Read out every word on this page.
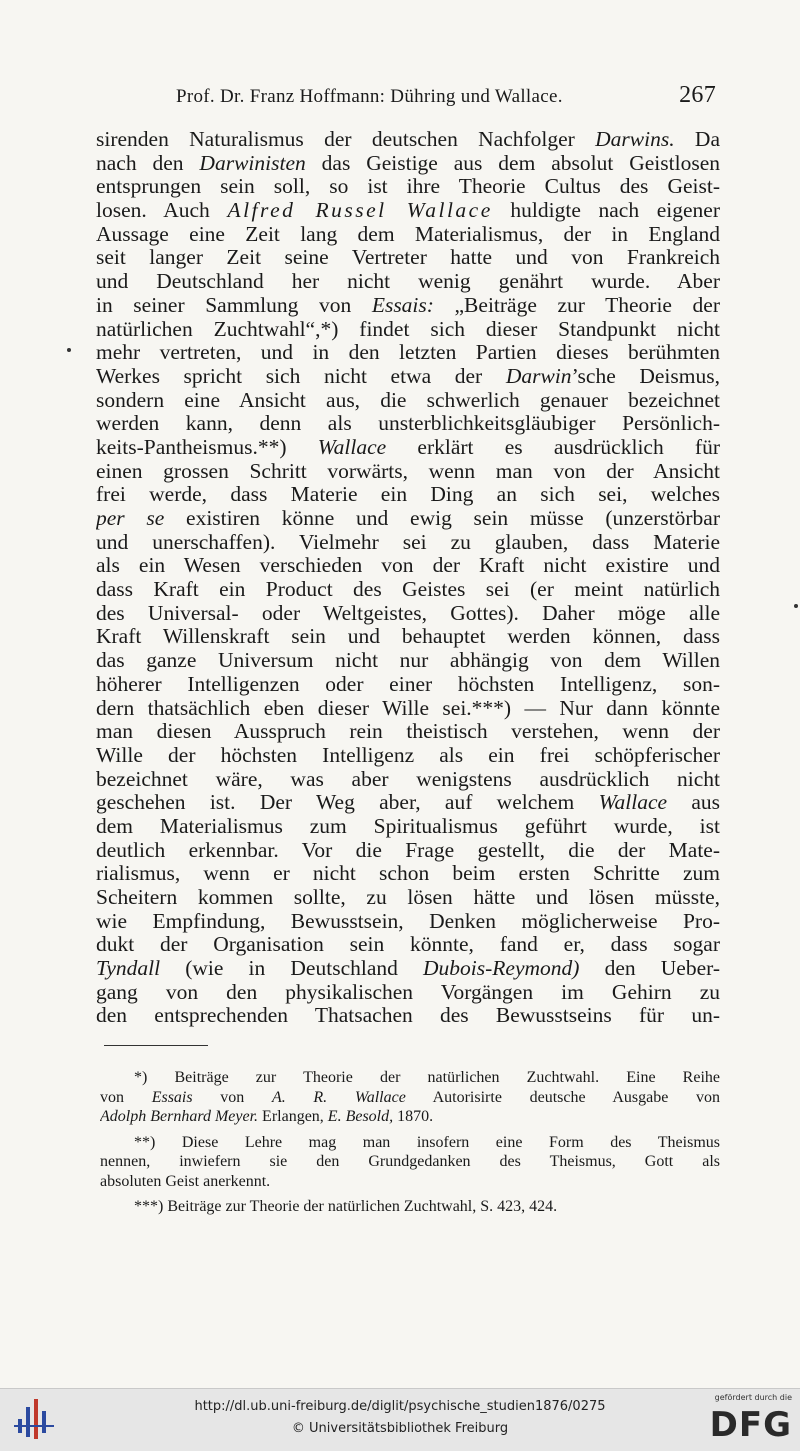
Prof. Dr. Franz Hoffmann: Dühring und Wallace.	267
sirenden Naturalismus der deutschen Nachfolger Darwins. Da
nach den Darwinisten das Geistige aus dem absolut Geistlosen
entsprungen sein soll, so ist ihre Theorie Cultus des Geist-
losen. Auch Alfred Russel Wallace huldigte nach eigener
Aussage eine Zeit lang dem Materialismus, der in England
seit langer Zeit seine Vertreter hatte und von Frankreich
und Deutschland her nicht wenig genährt wurde. Aber
in seiner Sammlung von Essais: „Beiträge zur Theorie der
natürlichen Zuchtwahl“,*) findet sich dieser Standpunkt nicht
mehr vertreten, und in den letzten Partien dieses berühmten
Werkes spricht sich nicht etwa der Darwin’sche Deismus,
sondern eine Ansicht aus, die schwerlich genauer bezeichnet
werden kann, denn als unsterblichkeitsgläubiger Persönlich-
keits-Pantheismus.**) Wallace erklärt es ausdrücklich für
einen grossen Schritt vorwärts, wenn man von der Ansicht
frei werde, dass Materie ein Ding an sich sei, welches
per se existiren könne und ewig sein müsse (unzerstörbar
und unerschaffen). Vielmehr sei zu glauben, dass Materie
als ein Wesen verschieden von der Kraft nicht existire und
dass Kraft ein Product des Geistes sei (er meint natürlich
des Universal- oder Weltgeistes, Gottes). Daher möge alle
Kraft Willenskraft sein und behauptet werden können, dass
das ganze Universum nicht nur abhängig von dem Willen
höherer Intelligenzen oder einer höchsten Intelligenz, son-
dern thatsächlich eben dieser Wille sei.***) — Nur dann könnte
man diesen Ausspruch rein theistisch verstehen, wenn der
Wille der höchsten Intelligenz als ein frei schöpferischer
bezeichnet wäre, was aber wenigstens ausdrücklich nicht
geschehen ist. Der Weg aber, auf welchem Wallace aus
dem Materialismus zum Spiritualismus geführt wurde, ist
deutlich erkennbar. Vor die Frage gestellt, die der Mate-
rialismus, wenn er nicht schon beim ersten Schritte zum
Scheitern kommen sollte, zu lösen hätte und lösen müsste,
wie Empfindung, Bewusstsein, Denken möglicherweise Pro-
dukt der Organisation sein könnte, fand er, dass sogar
Tyndall (wie in Deutschland Dubois-Reymond) den Ueber-
gang von den physikalischen Vorgängen im Gehirn zu
den entsprechenden Thatsachen des Bewusstseins für un-
*) Beiträge zur Theorie der natürlichen Zuchtwahl. Eine Reihe
von Essais von A. R. Wallace Autorisirte deutsche Ausgabe von
Adolph Bernhard Meyer. Erlangen, E. Besold, 1870.
**) Diese Lehre mag man insofern eine Form des Theismus
nennen, inwiefern sie den Grundgedanken des Theismus, Gott als
absoluten Geist anerkennt.
***) Beiträge zur Theorie der natürlichen Zuchtwahl, S. 423, 424.
http://dl.ub.uni-freiburg.de/diglit/psychische_studien1876/0275
© Universitätsbibliothek Freiburg
gefördert durch die
DFG
